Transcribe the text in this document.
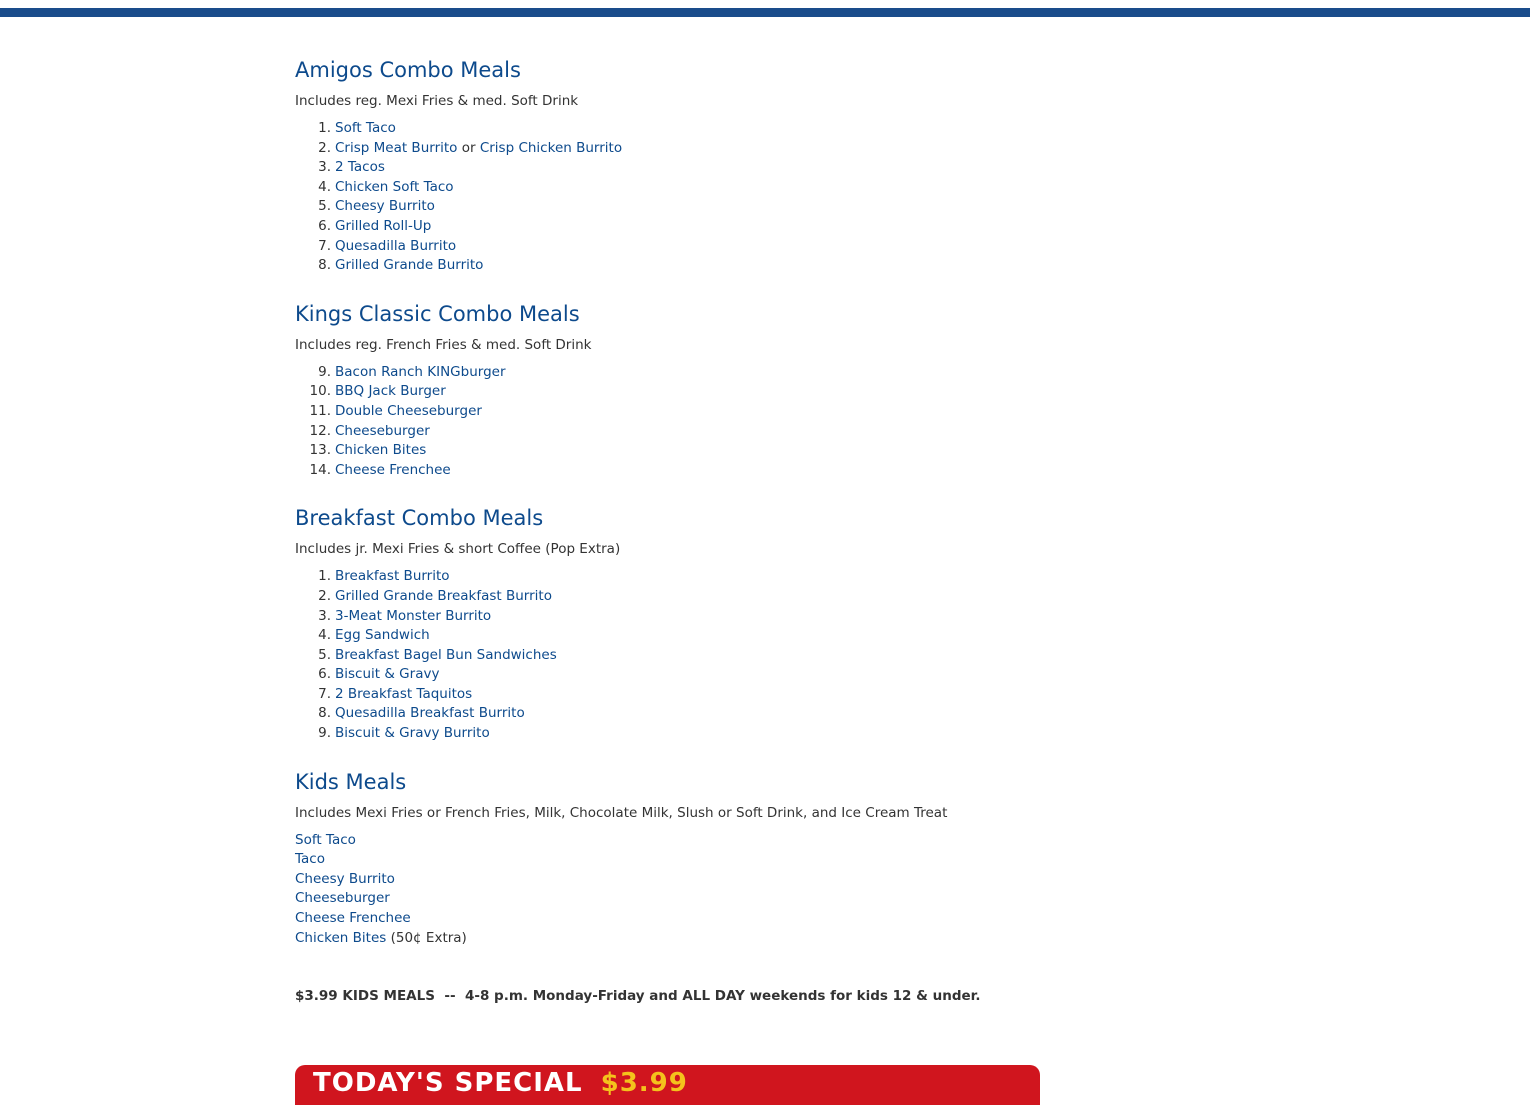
Amigos Combo Meals

Includes reg. Mexi Fries & med. Soft Drink

1. Soft Taco
2. Crisp Meat Burrito or Crisp Chicken Burrito
3. 2 Tacos
4. Chicken Soft Taco
5. Cheesy Burrito
6. Grilled Roll-Up
7. Quesadilla Burrito
8. Grilled Grande Burrito
Kings Classic Combo Meals

Includes reg. French Fries & med. Soft Drink

9. Bacon Ranch KINGburger
10. BBQ Jack Burger
11. Double Cheeseburger
12. Cheeseburger
13. Chicken Bites
14. Cheese Frenchee
Breakfast Combo Meals

Includes jr. Mexi Fries & short Coffee (Pop Extra)

1. Breakfast Burrito
2. Grilled Grande Breakfast Burrito
3. 3-Meat Monster Burrito
4. Egg Sandwich
5. Breakfast Bagel Bun Sandwiches
6. Biscuit & Gravy
7. 2 Breakfast Taquitos
8. Quesadilla Breakfast Burrito
9. Biscuit & Gravy Burrito
Kids Meals

Includes Mexi Fries or French Fries, Milk, Chocolate Milk, Slush or Soft Drink, and Ice Cream Treat

Soft Taco
Taco
Cheesy Burrito
Cheeseburger
Cheese Frenchee
Chicken Bites (50¢ Extra)
$3.99 KIDS MEALS  --  4-8 p.m. Monday-Friday and ALL DAY weekends for kids 12 & under.
TODAY'S SPECIAL $3.99
